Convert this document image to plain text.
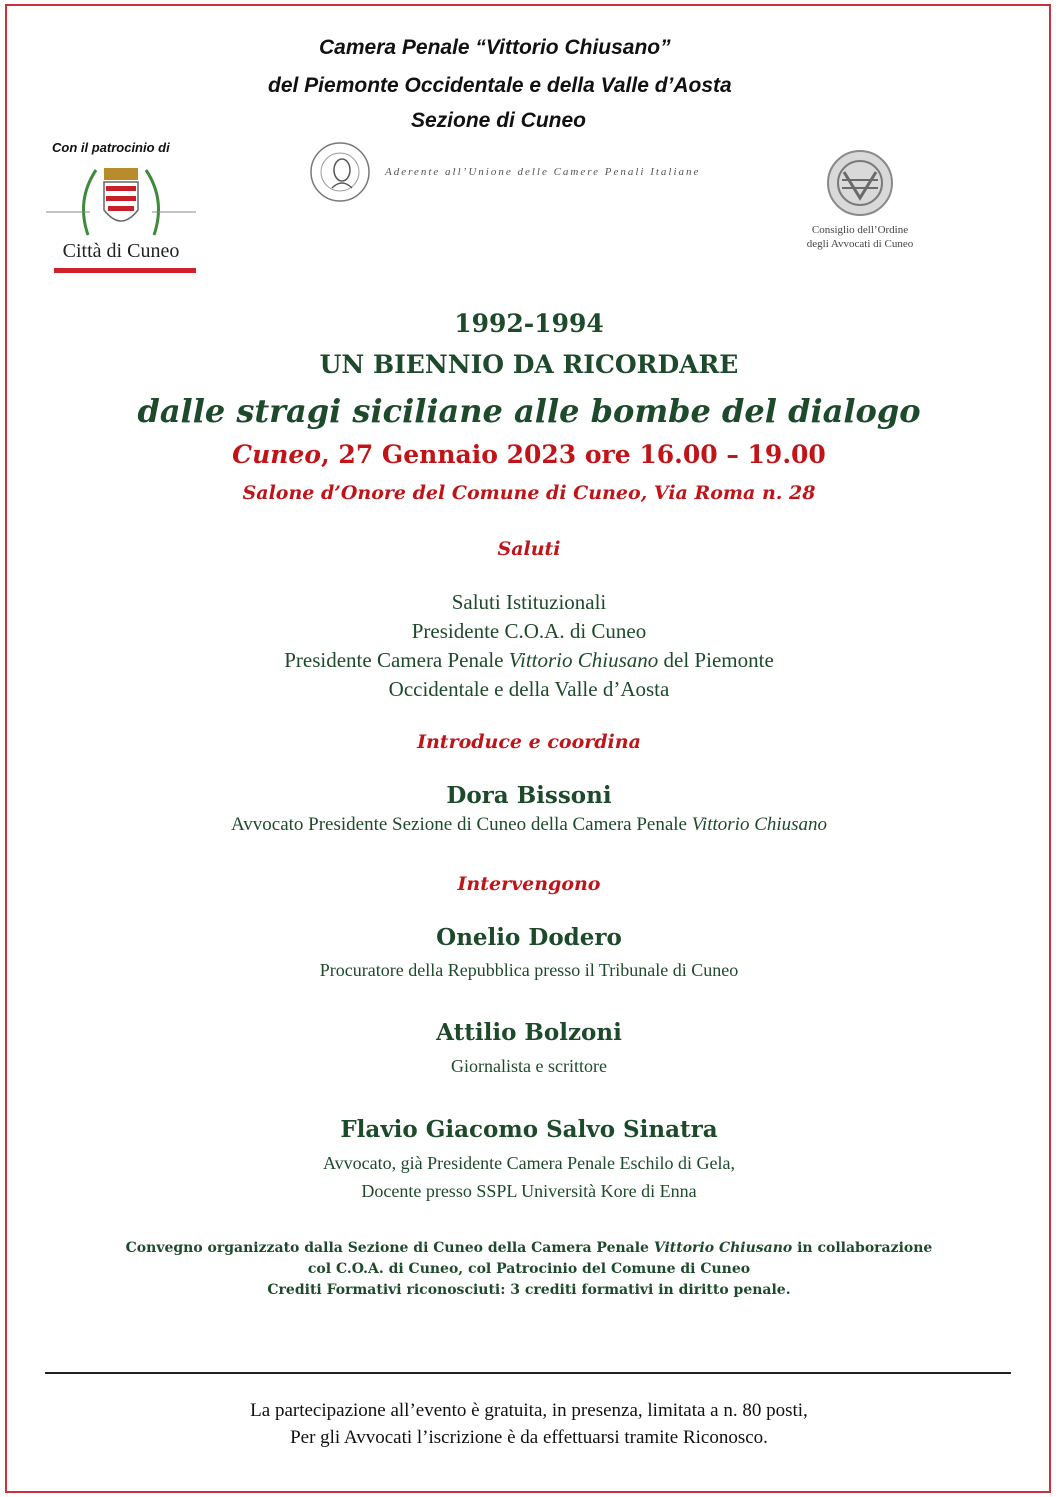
Camera Penale “Vittorio Chiusano”
del Piemonte Occidentale e della Valle d’Aosta
Sezione di Cuneo
Con il patrocinio di
Città di Cuneo
Aderente all’Unione delle Camere Penali Italiane
Consiglio dell’Ordine
degli Avvocati di Cuneo
1992-1994
UN BIENNIO DA RICORDARE
dalle stragi siciliane alle bombe del dialogo
Cuneo, 27 Gennaio 2023 ore 16.00 – 19.00
Salone d’Onore del Comune di Cuneo, Via Roma n. 28
Saluti
Saluti Istituzionali
Presidente C.O.A. di Cuneo
Presidente Camera Penale Vittorio Chiusano del Piemonte
Occidentale e della Valle d’Aosta
Introduce e coordina
Dora Bissoni
Avvocato Presidente Sezione di Cuneo della Camera Penale Vittorio Chiusano
Intervengono
Onelio Dodero
Procuratore della Repubblica presso il Tribunale di Cuneo
Attilio Bolzoni
Giornalista e scrittore
Flavio Giacomo Salvo Sinatra
Avvocato, già Presidente Camera Penale Eschilo di Gela,
Docente presso SSPL Università Kore di Enna
Convegno organizzato dalla Sezione di Cuneo della Camera Penale Vittorio Chiusano in collaborazione
col C.O.A. di Cuneo, col Patrocinio del Comune di Cuneo
Crediti Formativi riconosciuti: 3 crediti formativi in diritto penale.
La partecipazione all’evento è gratuita, in presenza, limitata a n. 80 posti,
Per gli Avvocati l’iscrizione è da effettuarsi tramite Riconosco.
